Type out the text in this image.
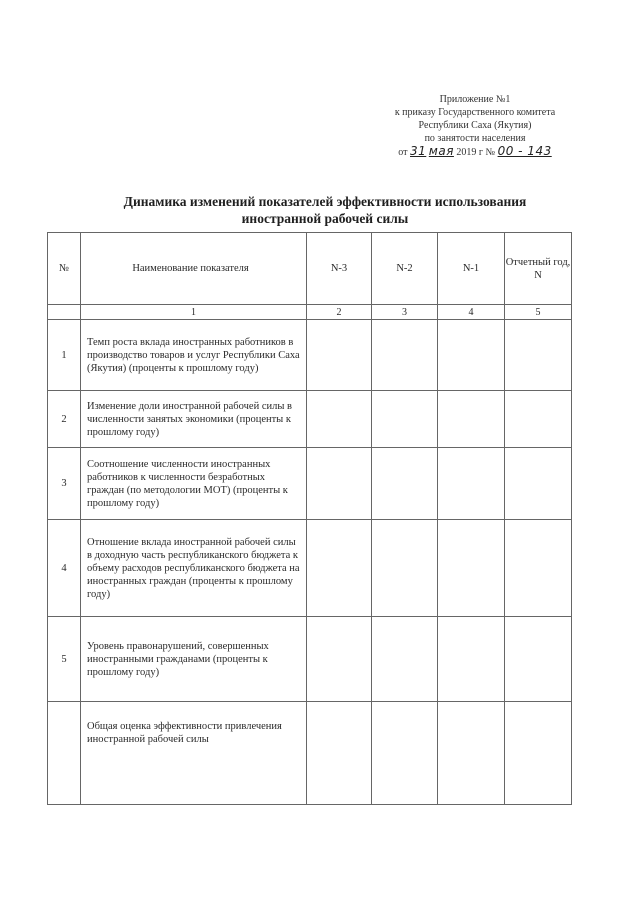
Приложение №1
к приказу Государственного комитета
Республики Саха (Якутия)
по занятости населения
от 31 мая 2019 г № 00 - 143
Динамика изменений показателей эффективности использования
иностранной рабочей силы
№	Наименование показателя	N-3	N-2	N-1	Отчетный год, N
	1	2	3	4	5
1	Темп роста вклада иностранных работников в производство товаров и услуг Республики Саха (Якутия) (проценты к прошлому году)				
2	Изменение доли иностранной рабочей силы в численности занятых экономики (проценты к прошлому году)				
3	Соотношение численности иностранных работников к численности безработных граждан (по методологии МОТ) (проценты к прошлому году)				
4	Отношение вклада иностранной рабочей силы в доходную часть республиканского бюджета к объему расходов республиканского бюджета на иностранных граждан (проценты к прошлому году)				
5	Уровень правонарушений, совершенных иностранными гражданами (проценты к прошлому году)				
	Общая оценка эффективности привлечения иностранной рабочей силы				
